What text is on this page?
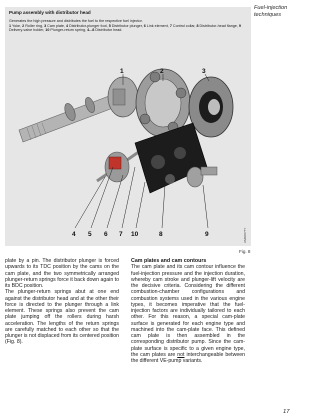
Fuel-injection techniques
Pump assembly with distributor head
Generates the high pressure and distributes the fuel to the respective fuel injector.
1 Yoke, 2 Roller ring, 3 Cam plate, 4 Distributor-plunger foot, 5 Distributor plunger, 6 Link element, 7 Control collar, 8 Distributor-head flange, 9 Delivery-valve holder, 10 Plunger-return spring, 4...8 Distributor head.
1	2	3
4 5 6 7 10	8	9	UMK0077Y
Fig. 8

plate by a pin. The distributor plunger is forced upwards to its TDC position by the cams on the cam plate, and the two symmetrically arranged plunger-return springs force it back down again to its BDC position.

The plunger-return springs abut at one end against the distributor head and at the other their force is directed to the plunger through a link element. These springs also prevent the cam plate jumping off the rollers during harsh acceleration. The lengths of the return springs are carefully matched to each other so that the plunger is not displaced from its centered position (Fig. 8).

Cam plates and cam contours

The cam plate and its cam contour influence the fuel-injection pressure and the injection duration, whereby cam stroke and plunger-lift velocity are the decisive criteria. Considering the different combustion-chamber configurations and combustion systems used in the various engine types, it becomes imperative that the fuel-injection factors are individually tailored to each other. For this reason, a special cam-plate surface is generated for each engine type and machined into the cam-plate face. This defined cam plate is then assembled in the corresponding distributor pump. Since the cam-plate surface is specific to a given engine type, the cam plates are not interchangeable between the different VE-pump variants.

17
